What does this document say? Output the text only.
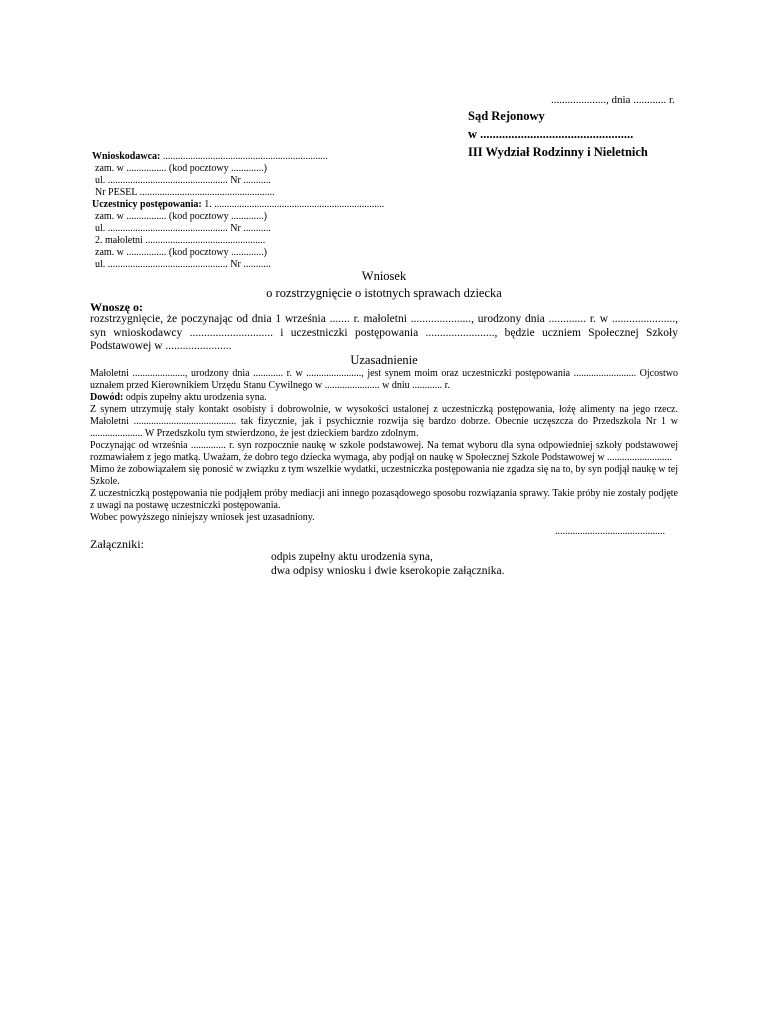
...................., dnia ............ r.
Sąd Rejonowy
w .................................................
III Wydział Rodzinny i Nieletnich
Wnioskodawca: ..................................................................
zam. w ................ (kod pocztowy .............)
ul. ................................................ Nr ...........
Nr PESEL ......................................................
Uczestnicy postępowania: 1. ....................................................................
zam. w ................ (kod pocztowy .............)
ul. ................................................ Nr ...........
2. małoletni ................................................
zam. w ................ (kod pocztowy .............)
ul. ................................................ Nr ...........
Wniosek
o rozstrzygnięcie o istotnych sprawach dziecka
Wnoszę o:
rozstrzygnięcie, że poczynając od dnia 1 września ....... r. małoletni ....................., urodzony dnia ............. r. w ......................, syn wnioskodawcy ............................. i uczestniczki postępowania ........................, będzie uczniem Społecznej Szkoły Podstawowej w .......................
Uzasadnienie

Małoletni ....................., urodzony dnia ............ r. w ......................, jest synem moim oraz uczestniczki postępowania ......................... Ojcostwo uznałem przed Kierownikiem Urzędu Stanu Cywilnego w ...................... w dniu ............ r.

Dowód: odpis zupełny aktu urodzenia syna.

Z synem utrzymuję stały kontakt osobisty i dobrowolnie, w wysokości ustalonej z uczestniczką postępowania, łożę alimenty na jego rzecz. Małoletni ......................................... tak fizycznie, jak i psychicznie rozwija się bardzo dobrze. Obecnie uczęszcza do Przedszkola Nr 1 w ..................... W Przedszkolu tym stwierdzono, że jest dzieckiem bardzo zdolnym.

Poczynając od września .............. r. syn rozpocznie naukę w szkole podstawowej. Na temat wyboru dla syna odpowiedniej szkoły podstawowej rozmawiałem z jego matką. Uważam, że dobro tego dziecka wymaga, aby podjął on naukę w Społecznej Szkole Podstawowej w ..........................

Mimo że zobowiązałem się ponosić w związku z tym wszelkie wydatki, uczestniczka postępowania nie zgadza się na to, by syn podjął naukę w tej Szkole.

Z uczestniczką postępowania nie podjąłem próby mediacji ani innego pozasądowego sposobu rozwiązania sprawy. Takie próby nie zostały podjęte z uwagi na postawę uczestniczki postępowania.

Wobec powyższego niniejszy wniosek jest uzasadniony.

............................................
Załączniki:
odpis zupełny aktu urodzenia syna,
dwa odpisy wniosku i dwie kserokopie załącznika.
